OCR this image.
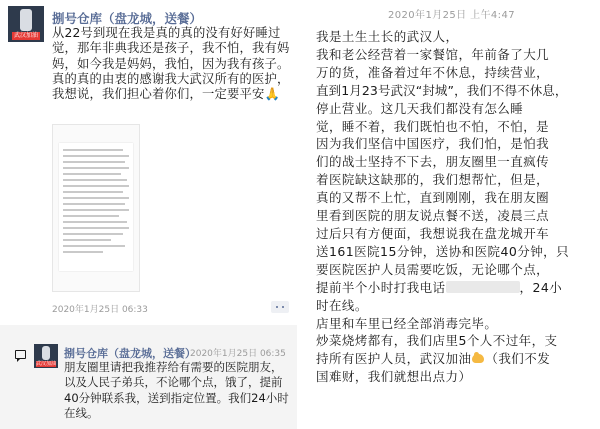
武汉加油
捌号仓库（盘龙城，送餐）
从22号到现在我是真的真的没有好好睡过觉，那年非典我还是孩子，我不怕，我有妈妈，如今我是妈妈，我怕，因为我有孩子。真的真的由衷的感谢我大武汉所有的医护，我想说，我们担心着你们，一定要平安🙏
2020年1月25日 06:33
武汉加油
捌号仓库（盘龙城，送餐）
2020年1月25日 06:35
朋友圈里请把我推荐给有需要的医院朋友，以及人民子弟兵，不论哪个点，饿了，提前40分钟联系我，送到指定位置。我们24小时在线。
2020年1月25日 上午4:47
我是土生土长的武汉人，
我和老公经营着一家餐馆，年前备了大几
万的货，准备着过年不休息，持续营业，
直到1月23号武汉“封城”，我们不得不休息，
停止营业。这几天我们都没有怎么睡
觉，睡不着，我们既怕也不怕，不怕，是
因为我们坚信中国医疗，我们怕，是怕我
们的战士坚持不下去，朋友圈里一直疯传
着医院缺这缺那的，我们想帮忙，但是，
真的又帮不上忙，直到刚刚，我在朋友圈
里看到医院的朋友说点餐不送，凌晨三点
过后只有方便面，我想说我在盘龙城开车
送161医院15分钟，送协和医院40分钟，只
要医院医护人员需要吃饭，无论哪个点，
提前半个小时打我电话	，24小
时在线。
店里和车里已经全部消毒完毕。
炒菜烧烤都有，我们店里5个人不过年，支
持所有医护人员，武汉加油 （我们不发
国难财，我们就想出点力）
